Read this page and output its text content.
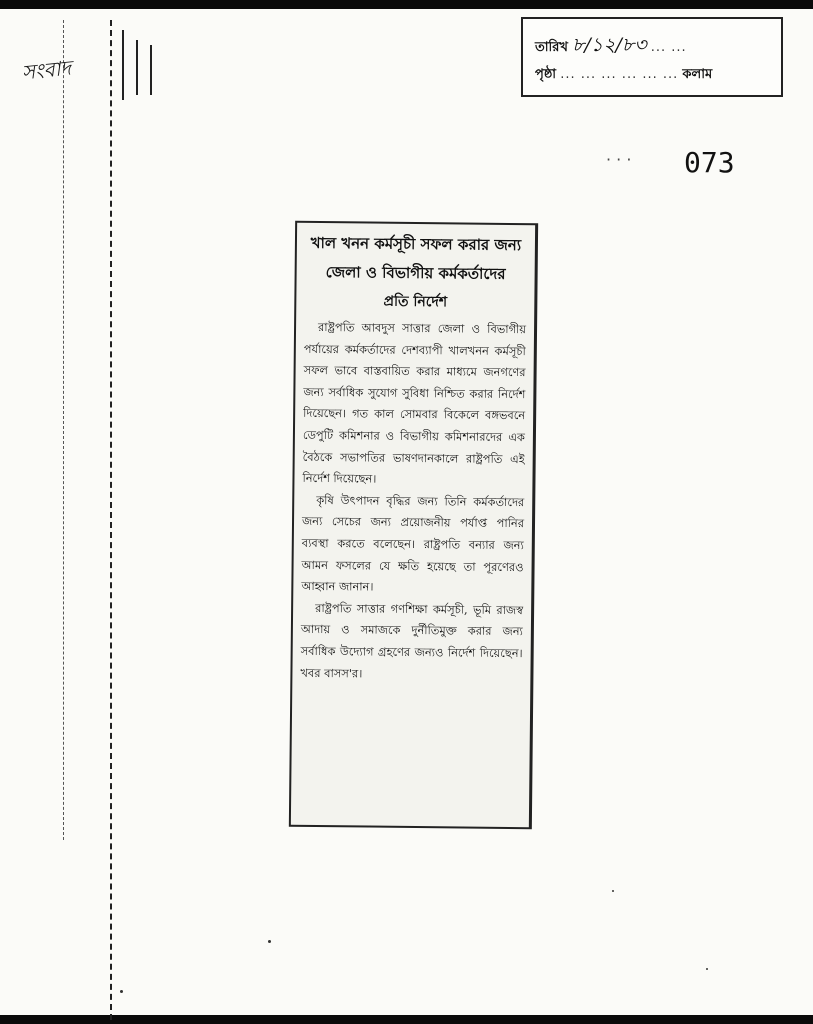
সংবাদ
তারিখ ৮/১২/৮৩ ... ...
পৃষ্ঠা ... ... ... ... ... ... কলাম
· · · 073
খাল খনন কর্মসূচী সফল করার জন্য জেলা ও বিভাগীয় কর্মকর্তাদের
প্রতি নির্দেশ

রাষ্ট্রপতি আবদুস সাত্তার জেলা ও বিভাগীয় পর্যায়ের কর্মকর্তাদের দেশব্যাপী খালখনন কর্মসূচী সফল ভাবে বাস্তবায়িত করার মাধ্যমে জনগণের জন্য সর্বাধিক সুযোগ সুবিধা নিশ্চিত করার নির্দেশ দিয়েছেন। গত কাল সোমবার বিকেলে বঙ্গভবনে ডেপুটি কমিশনার ও বিভাগীয় কমিশনারদের এক বৈঠকে সভাপতির ভাষণদানকালে রাষ্ট্রপতি এই নির্দেশ দিয়েছেন।

কৃষি উৎপাদন বৃদ্ধির জন্য তিনি কর্মকর্তাদের জন্য সেচের জন্য প্রয়োজনীয় পর্যাপ্ত পানির ব্যবস্থা করতে বলেছেন। রাষ্ট্রপতি বন্যার জন্য আমন ফসলের যে ক্ষতি হয়েছে তা পূরণেরও আহ্বান জানান।

রাষ্ট্রপতি সাত্তার গণশিক্ষা কর্মসূচী, ভূমি রাজস্ব আদায় ও সমাজকে দুর্নীতিমুক্ত করার জন্য সর্বাধিক উদ্যোগ গ্রহণের জন্যও নির্দেশ দিয়েছেন। খবর বাসস'র।
